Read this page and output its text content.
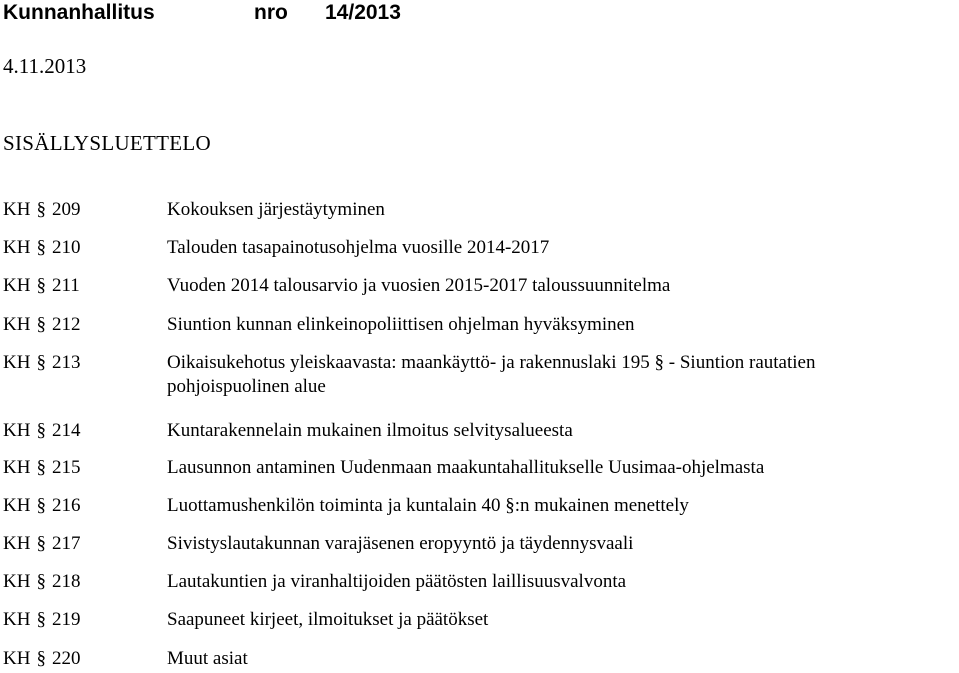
Kunnanhallitus	nro 14/2013
4.11.2013
SISÄLLYSLUETTELO
KH § 209	Kokouksen järjestäytyminen
KH § 210	Talouden tasapainotusohjelma vuosille 2014-2017
KH § 211	Vuoden 2014 talousarvio ja vuosien 2015-2017 taloussuunnitelma
KH § 212	Siuntion kunnan elinkeinopoliittisen ohjelman hyväksyminen
KH § 213	Oikaisukehotus yleiskaavasta: maankäyttö- ja rakennuslaki 195 § - Siuntion rautatien
pohjoispuolinen alue
KH § 214	Kuntarakennelain mukainen ilmoitus selvitysalueesta
KH § 215	Lausunnon antaminen Uudenmaan maakuntahallitukselle Uusimaa-ohjelmasta
KH § 216	Luottamushenkilön toiminta ja kuntalain 40 §:n mukainen menettely
KH § 217	Sivistyslautakunnan varajäsenen eropyyntö ja täydennysvaali
KH § 218	Lautakuntien ja viranhaltijoiden päätösten laillisuusvalvonta
KH § 219	Saapuneet kirjeet, ilmoitukset ja päätökset
KH § 220	Muut asiat
